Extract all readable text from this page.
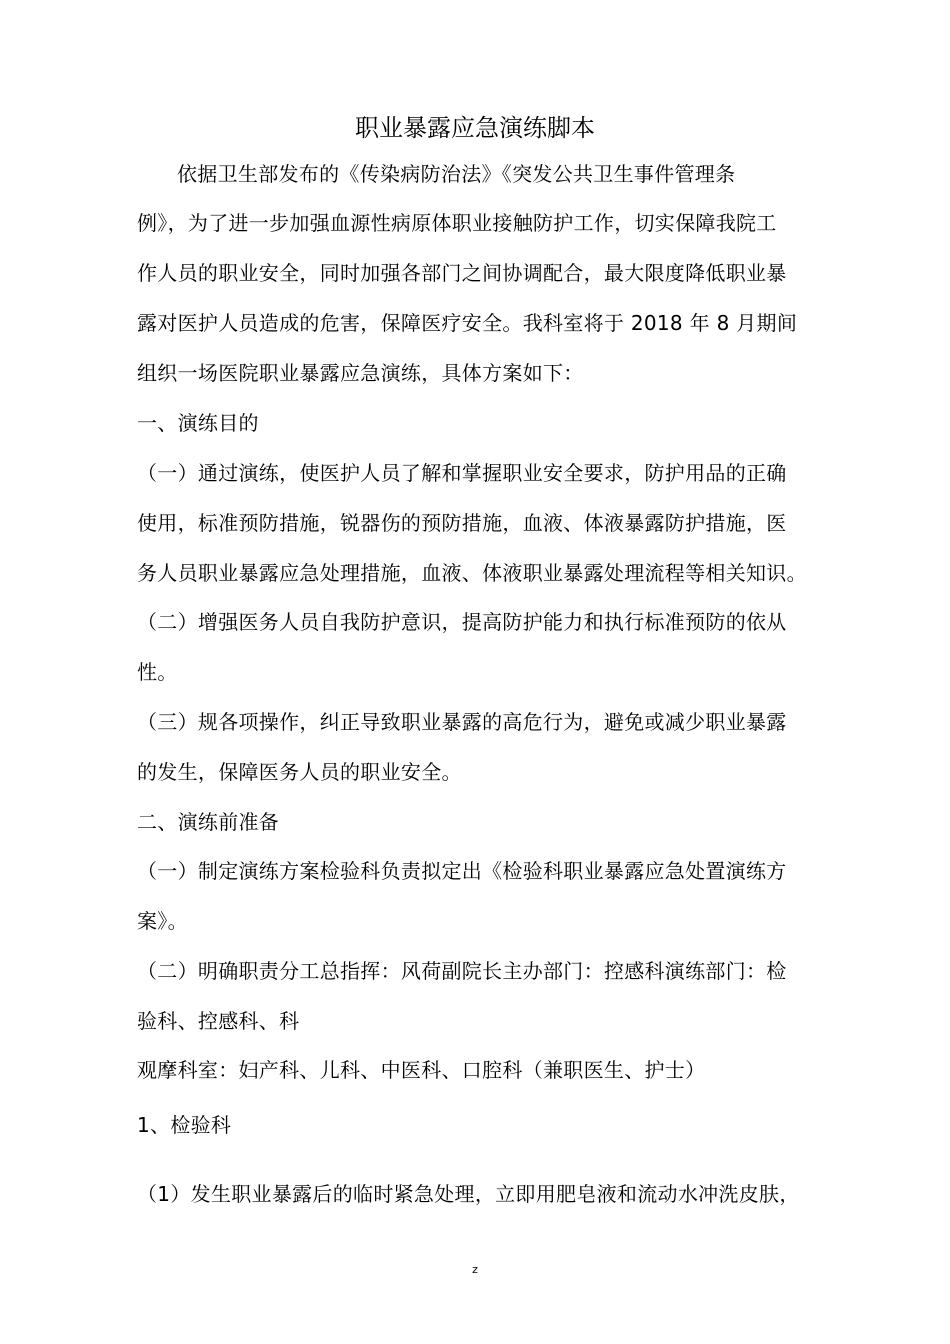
职业暴露应急演练脚本
依据卫生部发布的《传染病防治法》《突发公共卫生事件管理条
例》，为了进一步加强血源性病原体职业接触防护工作，切实保障我院工
作人员的职业安全，同时加强各部门之间协调配合，最大限度降低职业暴
露对医护人员造成的危害，保障医疗安全。我科室将于 2018 年 8 月期间
组织一场医院职业暴露应急演练，具体方案如下：
一、演练目的
（一）通过演练，使医护人员了解和掌握职业安全要求，防护用品的正确
使用，标准预防措施，锐器伤的预防措施，血液、体液暴露防护措施，医
务人员职业暴露应急处理措施，血液、体液职业暴露处理流程等相关知识。
（二）增强医务人员自我防护意识，提高防护能力和执行标准预防的依从
性。
（三）规各项操作，纠正导致职业暴露的高危行为，避免或减少职业暴露
的发生，保障医务人员的职业安全。
二、演练前准备
（一）制定演练方案检验科负责拟定出《检验科职业暴露应急处置演练方
案》。
（二）明确职责分工总指挥：风荷副院长主办部门：控感科演练部门：检
验科、控感科、科
观摩科室：妇产科、儿科、中医科、口腔科（兼职医生、护士）
1、检验科
（1）发生职业暴露后的临时紧急处理，立即用肥皂液和流动水冲洗皮肤，
z
